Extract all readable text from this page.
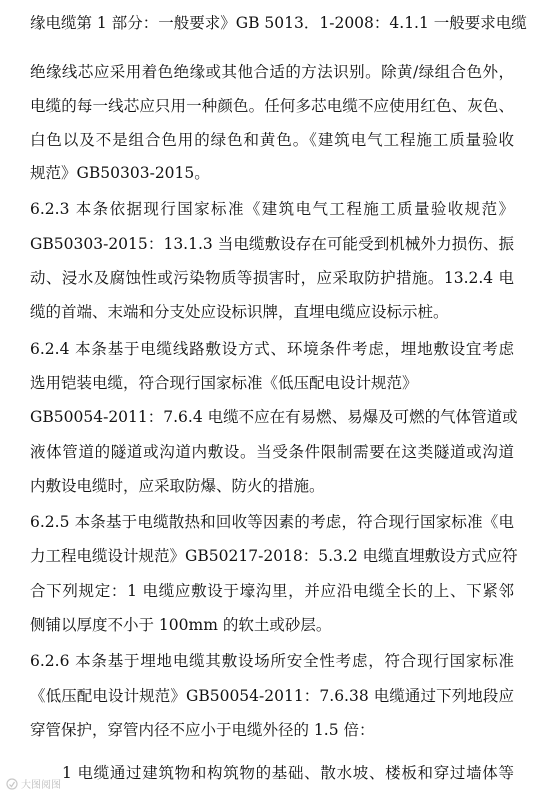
缘电缆第 1 部分：一般要求》GB 5013．1-2008：4.1.1 一般要求电缆
绝缘线芯应采用着色绝缘或其他合适的方法识别。除黄/绿组合色外，
电缆的每一线芯应只用一种颜色。任何多芯电缆不应使用红色、灰色、
白色以及不是组合色用的绿色和黄色。《建筑电气工程施工质量验收
规范》GB50303-2015。
6.2.3 本条依据现行国家标准《建筑电气工程施工质量验收规范》
GB50303-2015：13.1.3 当电缆敷设存在可能受到机械外力损伤、振
动、浸水及腐蚀性或污染物质等损害时，应采取防护措施。13.2.4 电
缆的首端、末端和分支处应设标识牌，直埋电缆应设标示桩。
6.2.4 本条基于电缆线路敷设方式、环境条件考虑，埋地敷设宜考虑
选用铠装电缆，符合现行国家标准《低压配电设计规范》
GB50054-2011：7.6.4 电缆不应在有易燃、易爆及可燃的气体管道或
液体管道的隧道或沟道内敷设。当受条件限制需要在这类隧道或沟道
内敷设电缆时，应采取防爆、防火的措施。
6.2.5 本条基于电缆散热和回收等因素的考虑，符合现行国家标准《电
力工程电缆设计规范》GB50217-2018：5.3.2 电缆直埋敷设方式应符
合下列规定：1 电缆应敷设于壕沟里，并应沿电缆全长的上、下紧邻
侧铺以厚度不小于 100mm 的软土或砂层。
6.2.6 本条基于埋地电缆其敷设场所安全性考虑，符合现行国家标准
《低压配电设计规范》GB50054-2011：7.6.38 电缆通过下列地段应
穿管保护，穿管内径不应小于电缆外径的 1.5 倍：
1 电缆通过建筑物和构筑物的基础、散水坡、楼板和穿过墙体等
大图阅图
